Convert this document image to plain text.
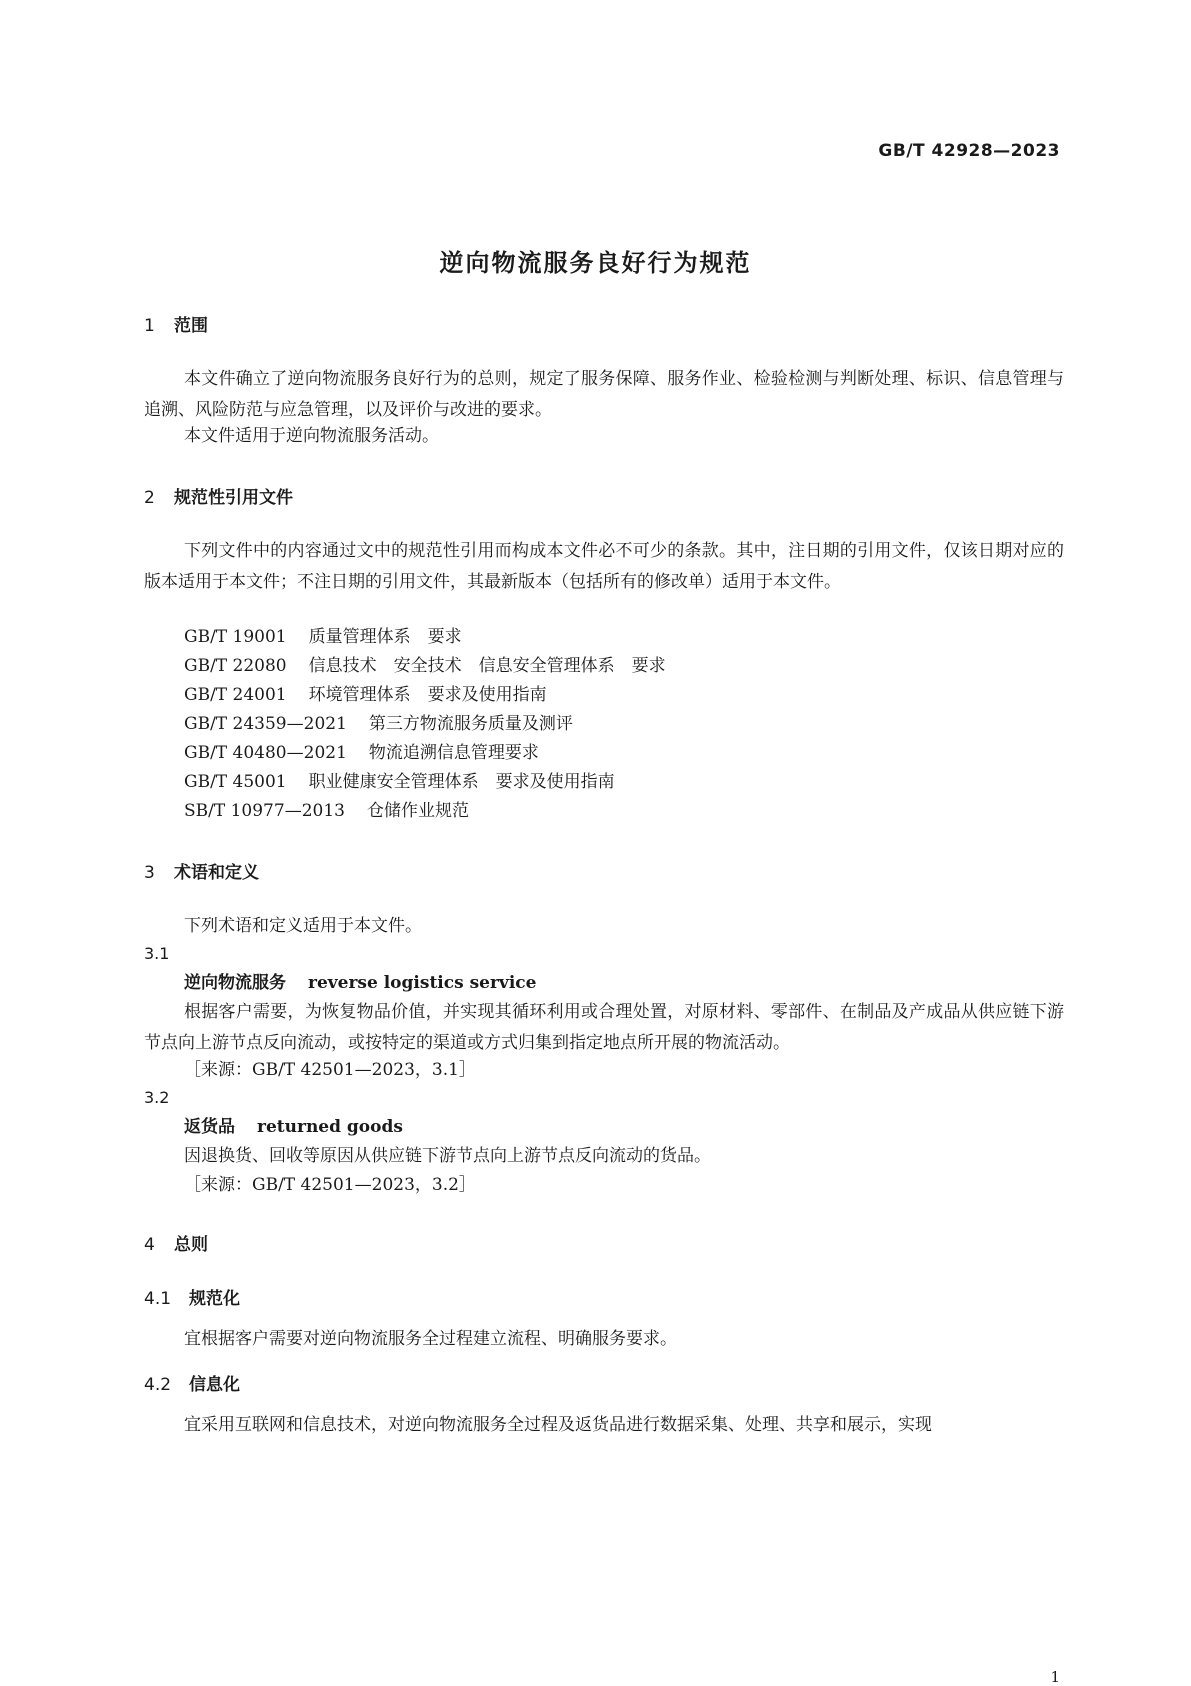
GB/T 42928—2023
逆向物流服务良好行为规范
1 范围
本文件确立了逆向物流服务良好行为的总则，规定了服务保障、服务作业、检验检测与判断处理、标识、信息管理与追溯、风险防范与应急管理，以及评价与改进的要求。
本文件适用于逆向物流服务活动。
2 规范性引用文件
下列文件中的内容通过文中的规范性引用而构成本文件必不可少的条款。其中，注日期的引用文件，仅该日期对应的版本适用于本文件；不注日期的引用文件，其最新版本（包括所有的修改单）适用于本文件。
GB/T 19001 质量管理体系　要求
GB/T 22080 信息技术　安全技术　信息安全管理体系　要求
GB/T 24001 环境管理体系　要求及使用指南
GB/T 24359—2021 第三方物流服务质量及测评
GB/T 40480—2021 物流追溯信息管理要求
GB/T 45001 职业健康安全管理体系　要求及使用指南
SB/T 10977—2013 仓储作业规范
3 术语和定义
下列术语和定义适用于本文件。
3.1
逆向物流服务 reverse logistics service
根据客户需要，为恢复物品价值，并实现其循环利用或合理处置，对原材料、零部件、在制品及产成品从供应链下游节点向上游节点反向流动，或按特定的渠道或方式归集到指定地点所开展的物流活动。
［来源：GB/T 42501—2023，3.1］
3.2
返货品 returned goods
因退换货、回收等原因从供应链下游节点向上游节点反向流动的货品。
［来源：GB/T 42501—2023，3.2］
4 总则
4.1 规范化
宜根据客户需要对逆向物流服务全过程建立流程、明确服务要求。
4.2 信息化
宜采用互联网和信息技术，对逆向物流服务全过程及返货品进行数据采集、处理、共享和展示，实现
1
